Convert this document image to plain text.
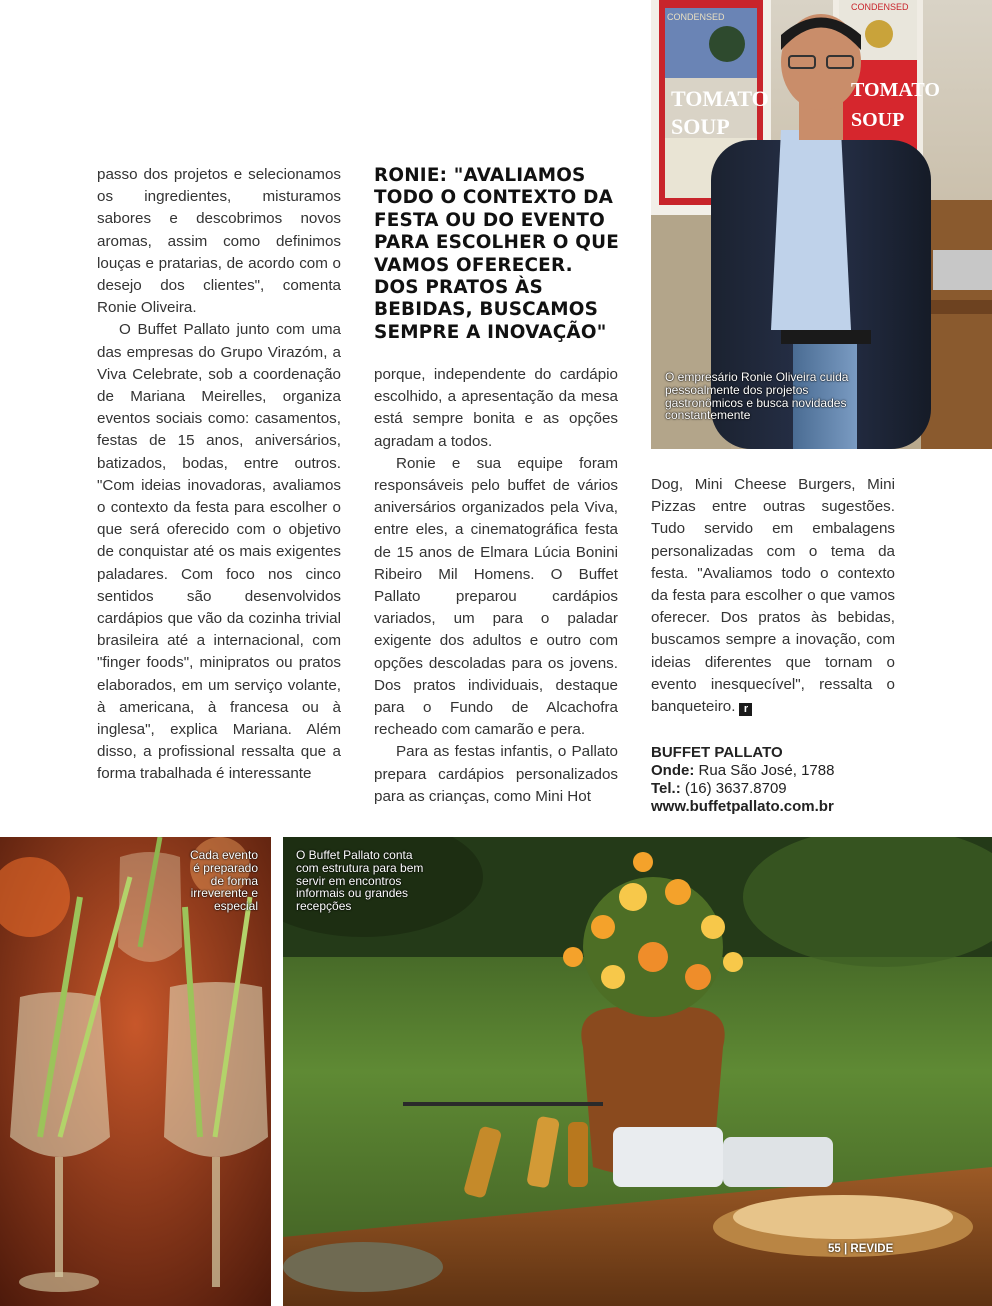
passo dos projetos e selecionamos os ingredientes, misturamos sabores e descobrimos novos aromas, assim como definimos louças e pratarias, de acordo com o desejo dos clientes", comenta Ronie Oliveira.

O Buffet Pallato junto com uma das empresas do Grupo Virazóm, a Viva Celebrate, sob a coordenação de Mariana Meirelles, organiza eventos sociais como: casamentos, festas de 15 anos, aniversários, batizados, bodas, entre outros. "Com ideias inovadoras, avaliamos o contexto da festa para escolher o que será oferecido com o objetivo de conquistar até os mais exigentes paladares. Com foco nos cinco sentidos são desenvolvidos cardápios que vão da cozinha trivial brasileira até a internacional, com "finger foods", minipratos ou pratos elaborados, em um serviço volante, à americana, à francesa ou à inglesa", explica Mariana. Além disso, a profissional ressalta que a forma trabalhada é interessante

RONIE: "AVALIAMOS TODO O CONTEXTO DA FESTA OU DO EVENTO PARA ESCOLHER O QUE VAMOS OFERECER. DOS PRATOS ÀS BEBIDAS, BUSCAMOS SEMPRE A INOVAÇÃO"

porque, independente do cardápio escolhido, a apresentação da mesa está sempre bonita e as opções agradam a todos.

Ronie e sua equipe foram responsáveis pelo buffet de vários aniversários organizados pela Viva, entre eles, a cinematográfica festa de 15 anos de Elmara Lúcia Bonini Ribeiro Mil Homens. O Buffet Pallato preparou cardápios variados, um para o paladar exigente dos adultos e outro com opções descoladas para os jovens. Dos pratos individuais, destaque para o Fundo de Alcachofra recheado com camarão e pera.

Para as festas infantis, o Pallato prepara cardápios personalizados para as crianças, como Mini Hot

Dog, Mini Cheese Burgers, Mini Pizzas entre outras sugestões. Tudo servido em embalagens personalizadas com o tema da festa. "Avaliamos todo o contexto da festa para escolher o que vamos oferecer. Dos pratos às bebidas, buscamos sempre a inovação, com ideias diferentes que tornam o evento inesquecível", ressalta o banqueteiro. r

BUFFET PALLATO
Onde: Rua São José, 1788
Tel.: (16) 3637.8709
www.buffetpallato.com.br
CONDENSED
TOMATO
SOUP
CONDENSED
TOMATO
SOUP
O empresário Ronie Oliveira cuida pessoalmente dos projetos gastronômicos e busca novidades constantemente
Cada evento é preparado de forma irreverente e especial
O Buffet Pallato conta com estrutura para bem servir em encontros informais ou grandes recepções
55 | REVIDE
